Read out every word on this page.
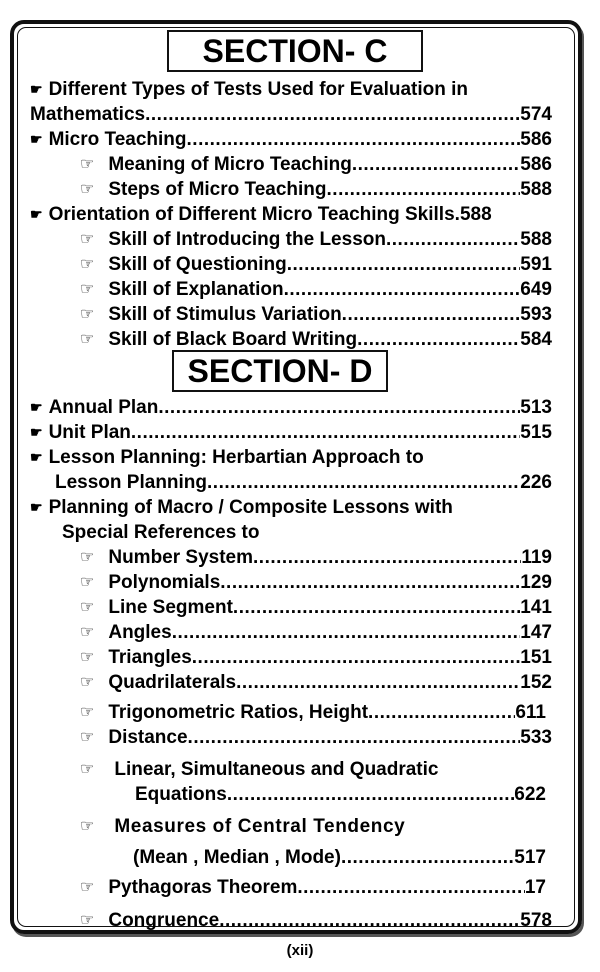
SECTION- C
☛ Different Types of Tests Used for Evaluation in
Mathematics .....	574
☛ Micro Teaching .....	586
☞ Meaning of Micro Teaching .....	586
☞ Steps of Micro Teaching .....	588
☛ Orientation of Different Micro Teaching Skills. 588
☞ Skill of Introducing the Lesson .....	588
☞ Skill of Questioning .....	591
☞ Skill of Explanation .....	649
☞ Skill of Stimulus Variation .....	593
☞ Skill of Black Board Writing .....	584
SECTION- D
☛ Annual Plan .....	513
☛ Unit Plan .....	515
☛ Lesson Planning: Herbartian Approach to
Lesson Planning .....	226
☛ Planning of Macro / Composite Lessons with
Special References to
☞ Number System .....	119
☞ Polynomials .....	129
☞ Line Segment .....	141
☞ Angles .....	147
☞ Triangles .....	151
☞ Quadrilaterals .....	152
☞ Trigonometric Ratios, Height .....	611
☞ Distance .....	533
☞ Linear, Simultaneous and Quadratic
Equations .....	622
☞ Measures of Central Tendency
(Mean , Median , Mode) .....	517
☞ Pythagoras Theorem .....	17
☞ Congruence .....	578
(xii)
